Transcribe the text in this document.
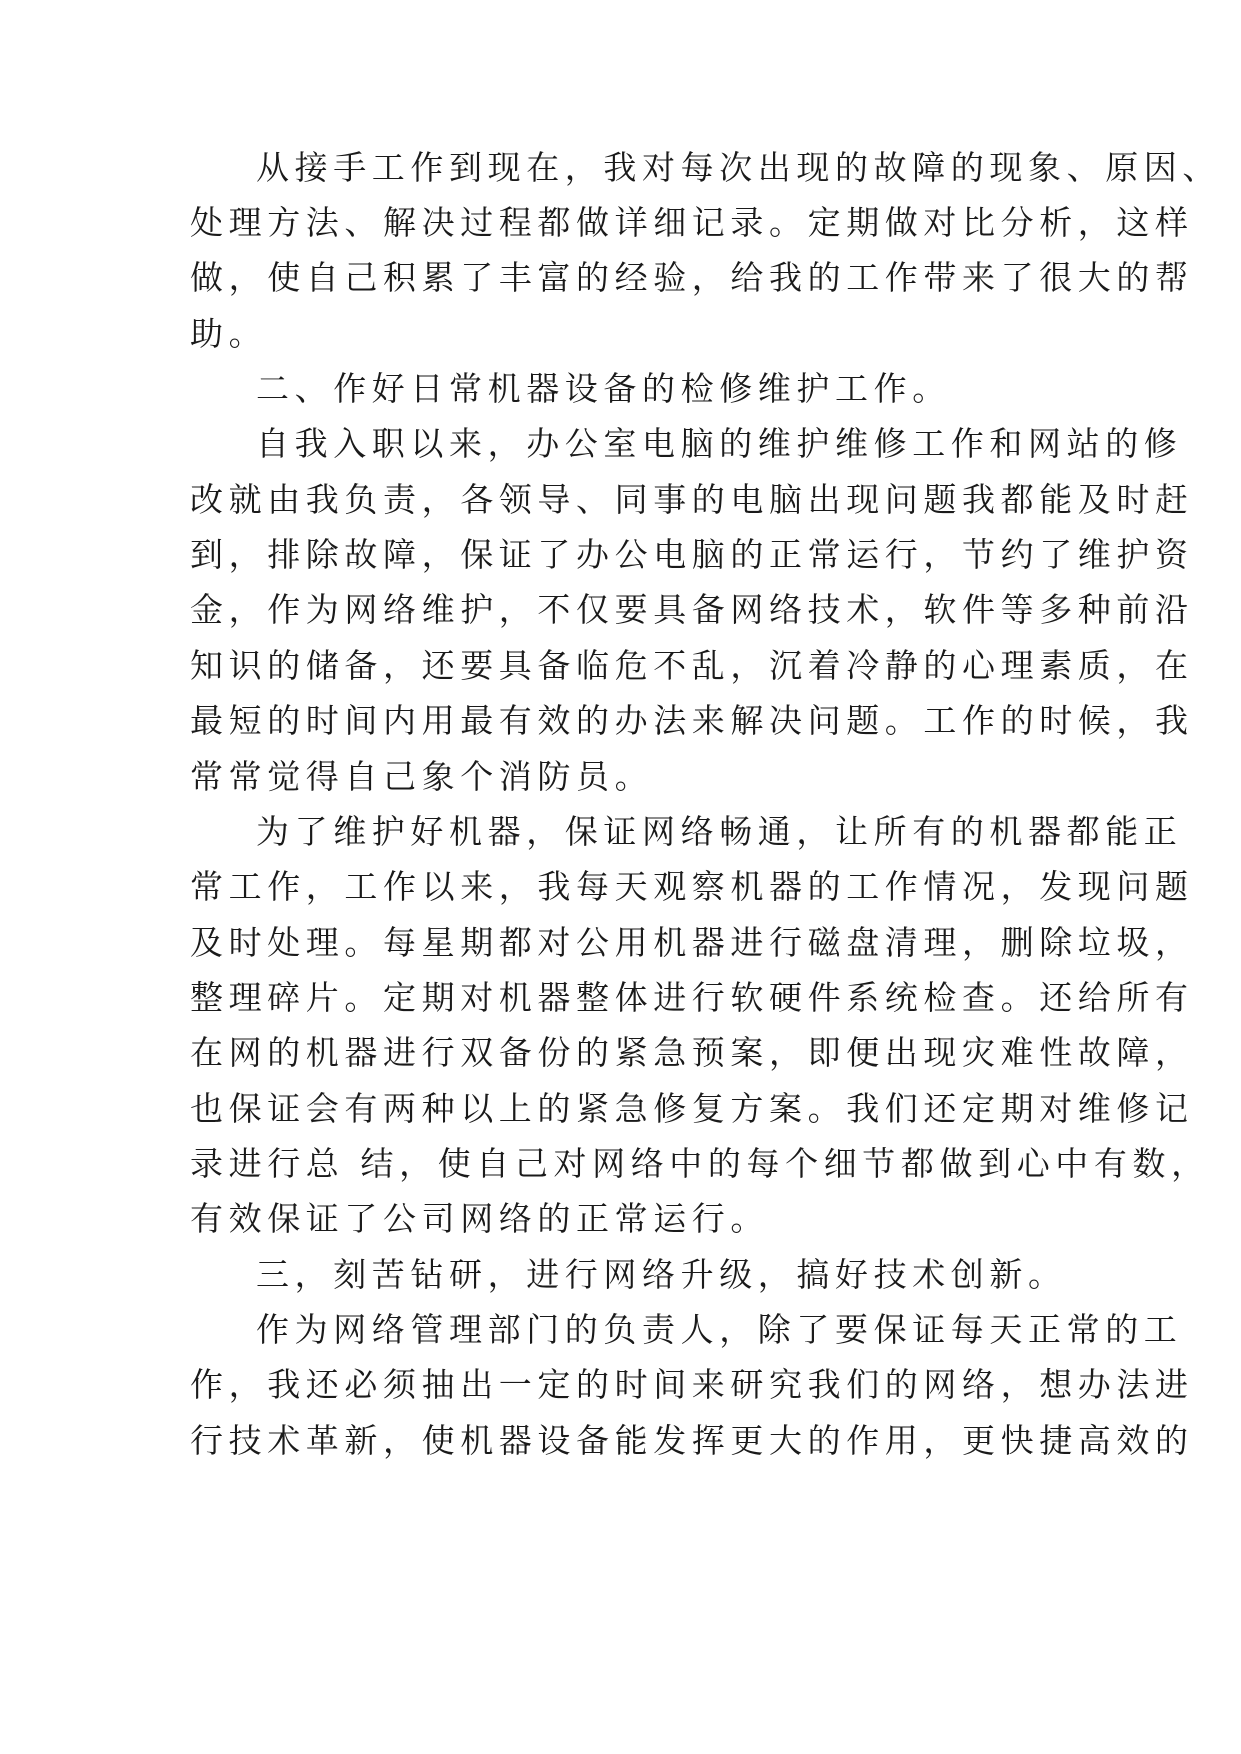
从接手工作到现在，我对每次出现的故障的现象、原因、
处理方法、解决过程都做详细记录。定期做对比分析，这样
做，使自己积累了丰富的经验，给我的工作带来了很大的帮
助。
二、作好日常机器设备的检修维护工作。
自我入职以来，办公室电脑的维护维修工作和网站的修
改就由我负责，各领导、同事的电脑出现问题我都能及时赶
到，排除故障，保证了办公电脑的正常运行，节约了维护资
金，作为网络维护，不仅要具备网络技术，软件等多种前沿
知识的储备，还要具备临危不乱，沉着冷静的心理素质，在
最短的时间内用最有效的办法来解决问题。工作的时候，我
常常觉得自己象个消防员。
为了维护好机器，保证网络畅通，让所有的机器都能正
常工作，工作以来，我每天观察机器的工作情况，发现问题
及时处理。每星期都对公用机器进行磁盘清理，删除垃圾，
整理碎片。定期对机器整体进行软硬件系统检查。还给所有
在网的机器进行双备份的紧急预案，即便出现灾难性故障，
也保证会有两种以上的紧急修复方案。我们还定期对维修记
录进行总 结，使自己对网络中的每个细节都做到心中有数，
有效保证了公司网络的正常运行。
三，刻苦钻研，进行网络升级，搞好技术创新。
作为网络管理部门的负责人，除了要保证每天正常的工
作，我还必须抽出一定的时间来研究我们的网络，想办法进
行技术革新，使机器设备能发挥更大的作用，更快捷高效的
